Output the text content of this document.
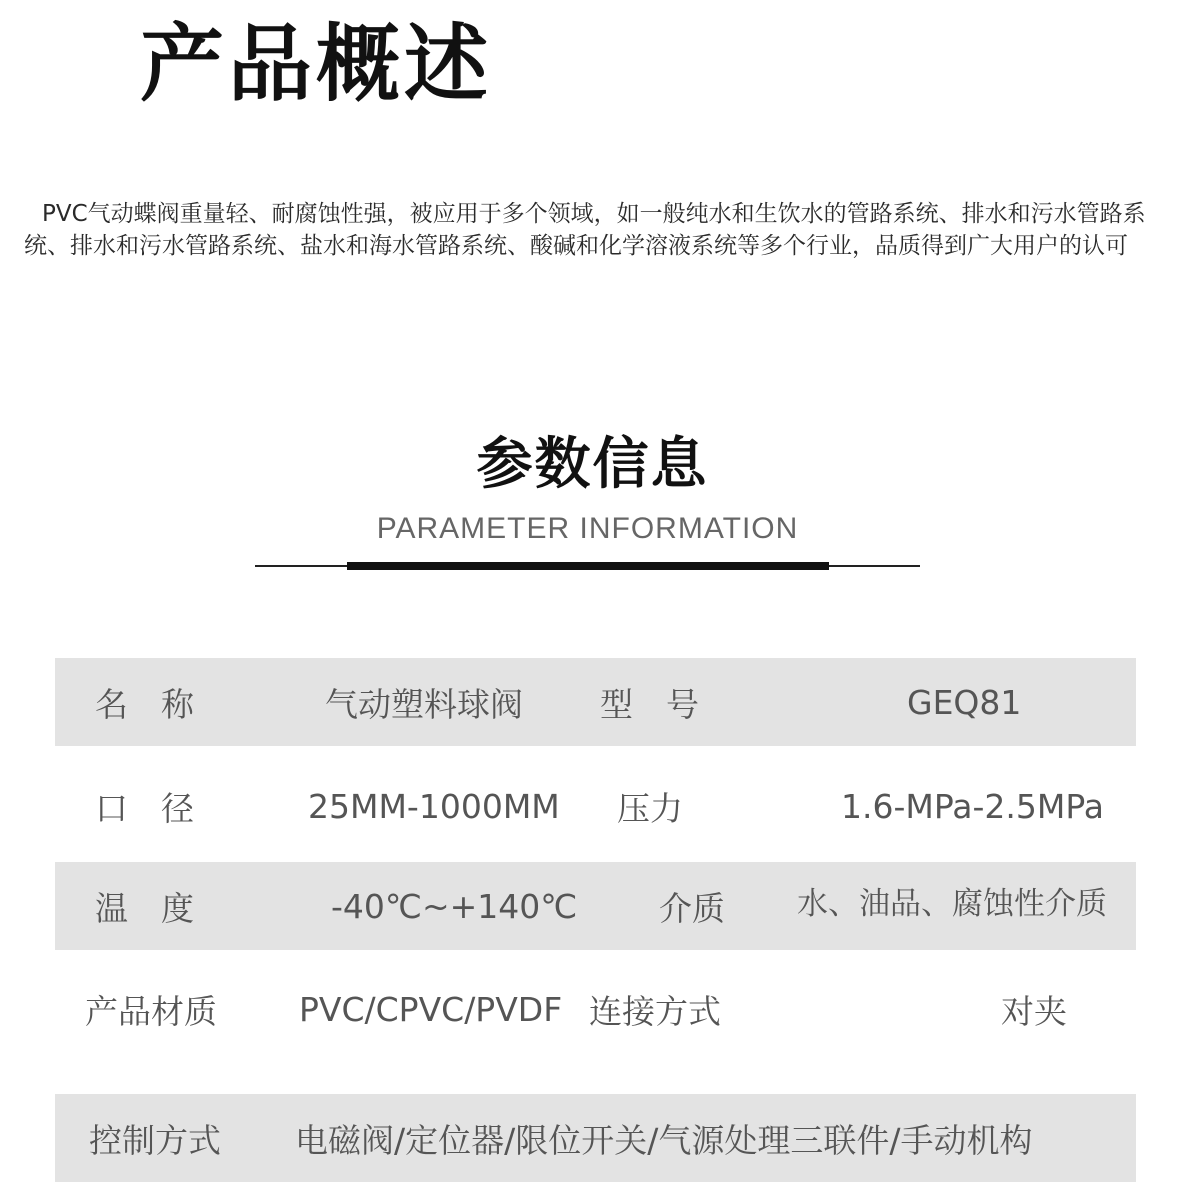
产品概述
PVC气动蝶阀重量轻、耐腐蚀性强，被应用于多个领域，如一般纯水和生饮水的管路系统、排水和污水管路系统、排水和污水管路系统、盐水和海水管路系统、酸碱和化学溶液系统等多个行业，品质得到广大用户的认可
参数信息
PARAMETER INFORMATION
名　称	气动塑料球阀 型　号	GEQ81
口　径	25MM-1000MM 压力	1.6-MPa-2.5MPa
温　度	-40℃~+140℃ 介质 水、油品、腐蚀性介质
产品材质 PVC/CPVC/PVDF 连接方式	对夹
控制方式 电磁阀/定位器/限位开关/气源处理三联件/手动机构
